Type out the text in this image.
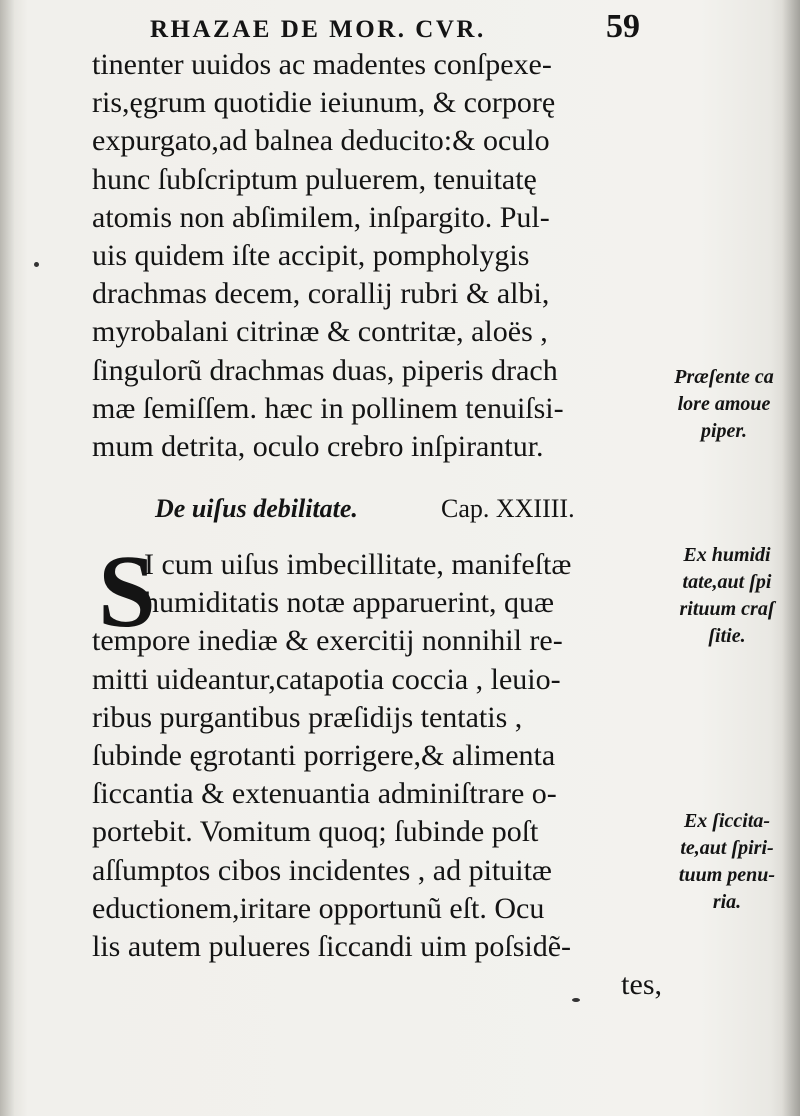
RHAZAE DE MOR. CVR.	59
tinenter uuidos ac madentes conſpexe-
ris,ęgrum quotidie ieiunum, & corporę
expurgato,ad balnea deducito:& oculo
hunc ſubſcriptum puluerem, tenuitatę
atomis non abſimilem, inſpargito. Pul-
uis quidem iſte accipit, pompholygis
drachmas decem, corallij rubri & albi,
myrobalani citrinæ & contritæ, aloës ,
ſingulorũ drachmas duas, piperis drach
mæ ſemiſſem. hæc in pollinem tenuiſsi-
mum detrita, oculo crebro inſpirantur.
Præſente ca
lore amoue
piper.
De uiſus debilitate.	Cap. XXIIII.
S
I cum uiſus imbecillitate, manifeſtæ
humiditatis notæ apparuerint, quæ
tempore inediæ & exercitij nonnihil re-
mitti uideantur,catapotia coccia , leuio-
ribus purgantibus præſidijs tentatis ,
ſubinde ęgrotanti porrigere,& alimenta
ſiccantia & extenuantia adminiſtrare o-
portebit. Vomitum quoq; ſubinde poſt
aſſumptos cibos incidentes , ad pituitæ
eductionem,iritare opportunũ eſt. Ocu
lis autem pulueres ſiccandi uim poſsidẽ-
tes,
Ex humidi
tate,aut ſpi
rituum craſ
ſitie.
Ex ſiccita-
te,aut ſpiri-
tuum penu-
ria.
